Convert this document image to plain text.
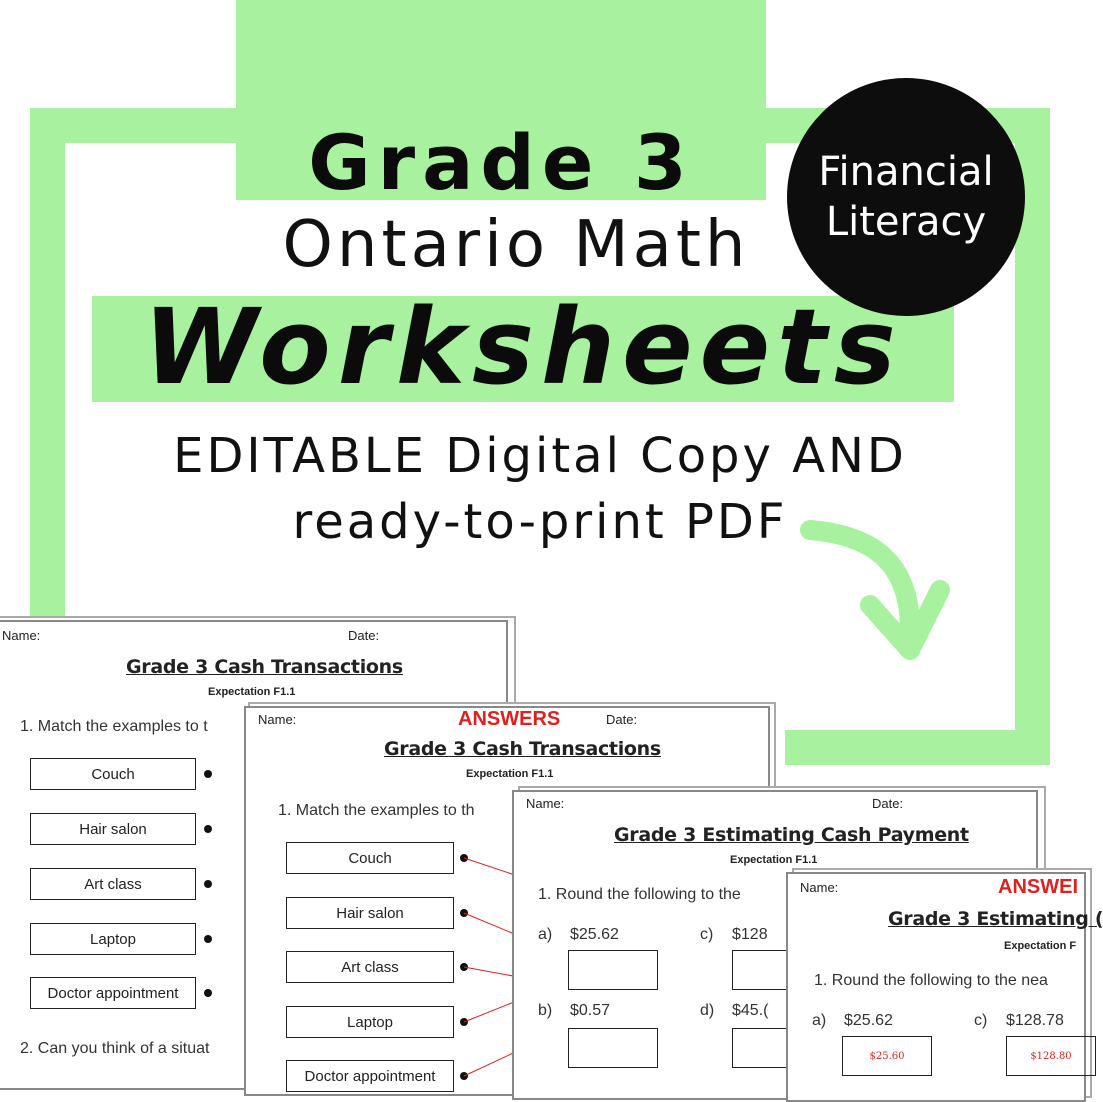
Grade 3
Ontario Math
Worksheets
EDITABLE Digital Copy AND
ready-to-print PDF
Financial
Literacy
Name:	Date:
Grade 3 Cash Transactions
Expectation F1.1
1. Match the examples to t
Couch
Hair salon
Art class
Laptop
Doctor appointment
2. Can you think of a situat
Name:	ANSWERS	Date:
Grade 3 Cash Transactions
Expectation F1.1
1. Match the examples to th
Couch
Hair salon
Art class
Laptop
Doctor appointment
Name:	Date:
Grade 3 Estimating Cash Payment
Expectation F1.1
1. Round the following to the
a) $25.62	c) $128
b) $0.57	d) $45.(
Name:	ANSWEI
Grade 3 Estimating (
Expectation F
1. Round the following to the nea
a) $25.62	c) $128.78
$25.60	$128.80
